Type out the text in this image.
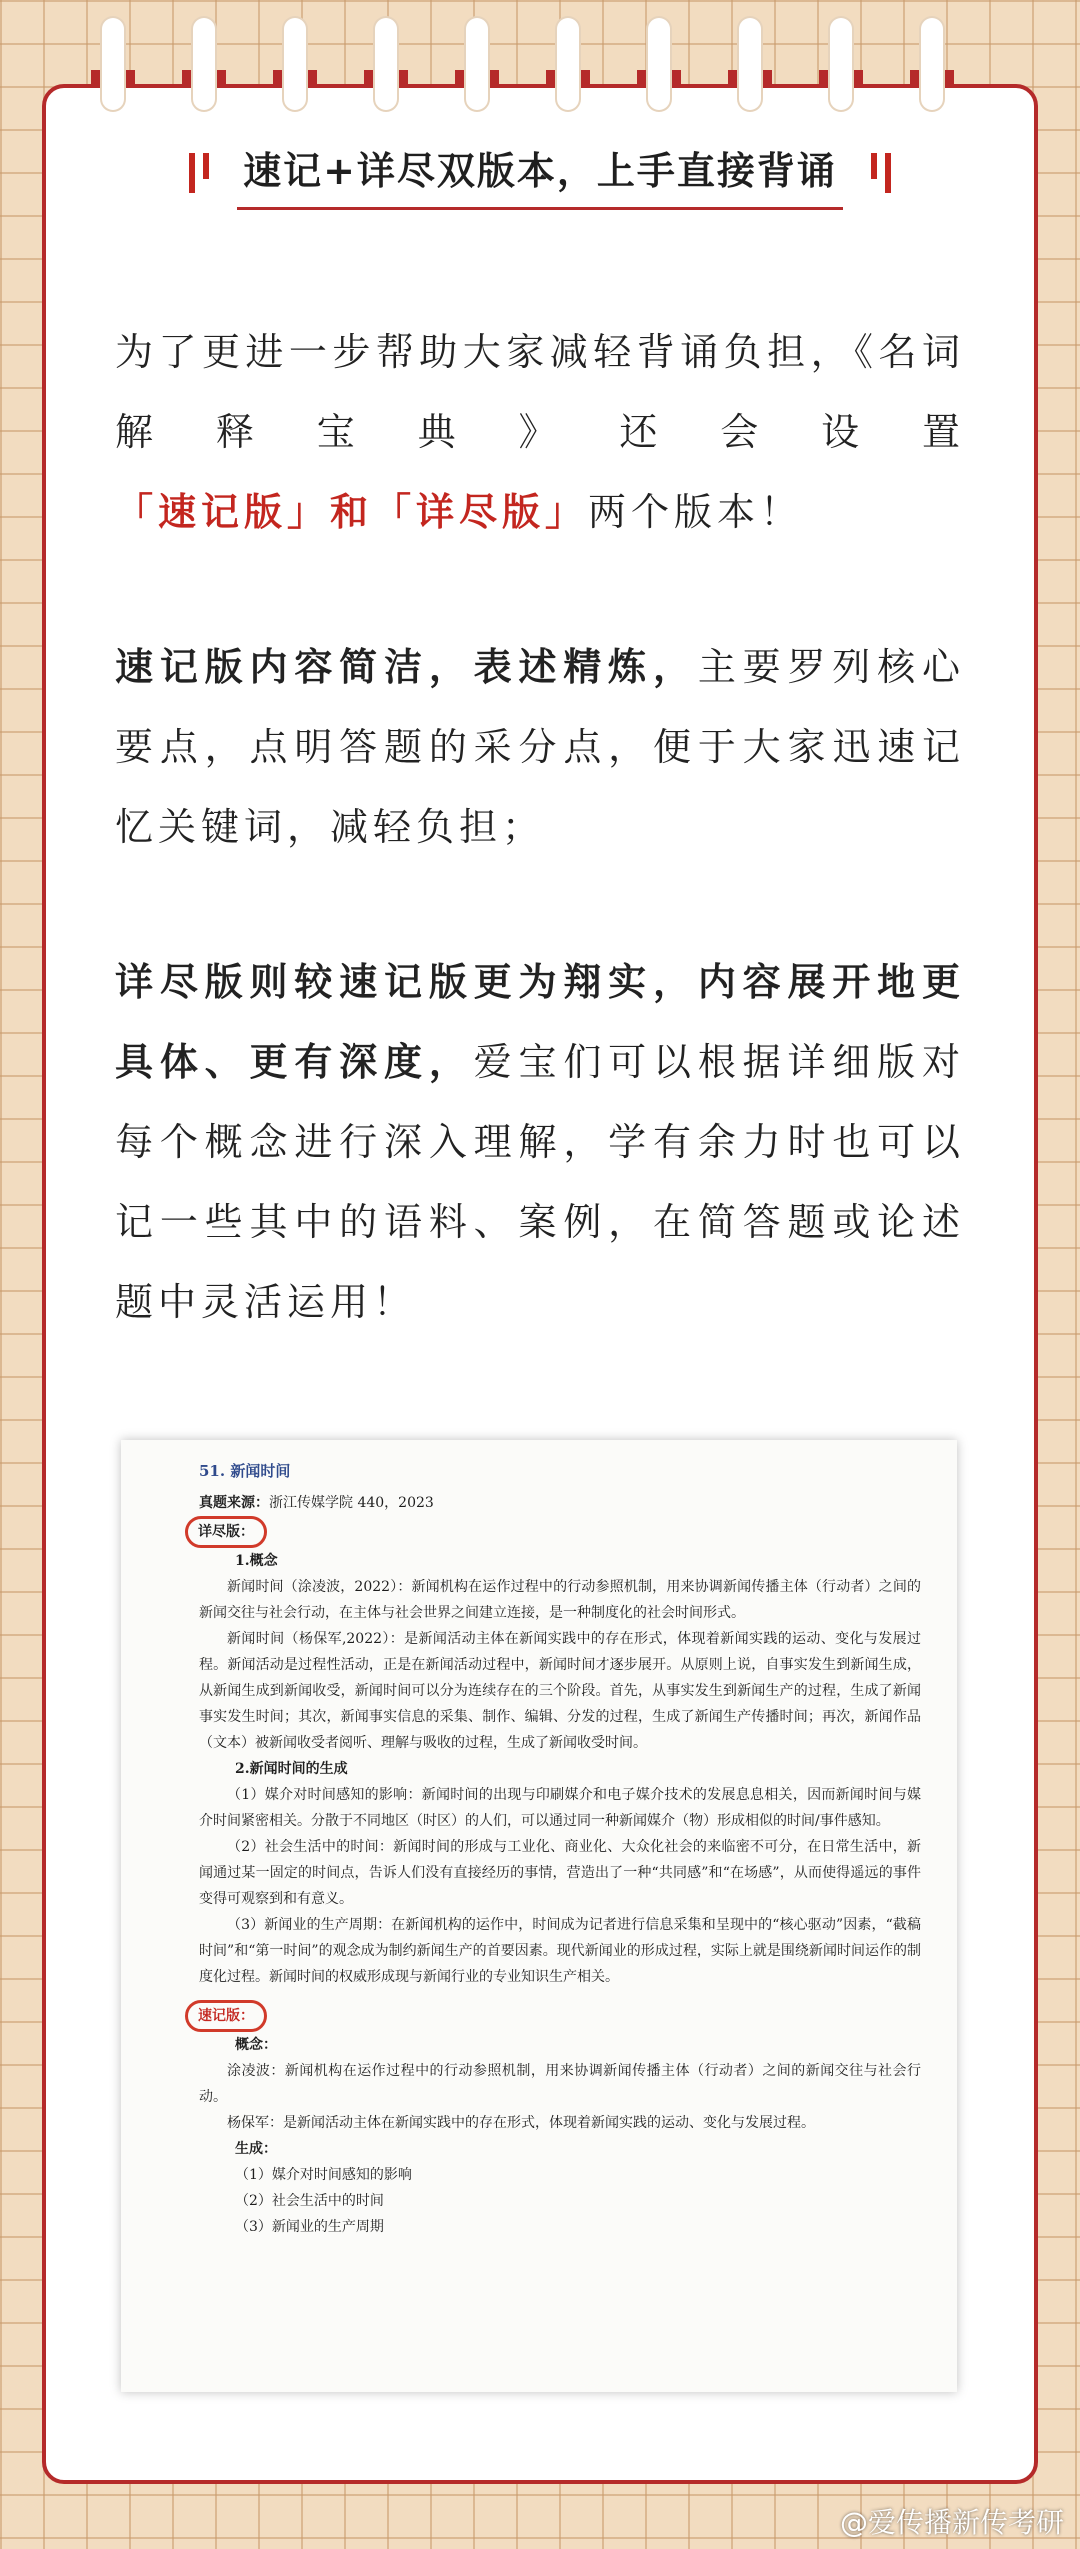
速记+详尽双版本，上手直接背诵

为了更进一步帮助大家减轻背诵负担，《名词解释宝典》还会设置「速记版」和「详尽版」两个版本！

速记版内容简洁，表述精炼，主要罗列核心要点，点明答题的采分点，便于大家迅速记忆关键词，减轻负担；

详尽版则较速记版更为翔实，内容展开地更具体、更有深度，爱宝们可以根据详细版对每个概念进行深入理解，学有余力时也可以记一些其中的语料、案例，在简答题或论述题中灵活运用！

51. 新闻时间

真题来源：浙江传媒学院 440，2023

详尽版：

1.概念

新闻时间（涂凌波，2022）：新闻机构在运作过程中的行动参照机制，用来协调新闻传播主体（行动者）之间的新闻交往与社会行动，在主体与社会世界之间建立连接，是一种制度化的社会时间形式。

新闻时间（杨保军,2022）：是新闻活动主体在新闻实践中的存在形式，体现着新闻实践的运动、变化与发展过程。新闻活动是过程性活动，正是在新闻活动过程中，新闻时间才逐步展开。从原则上说，自事实发生到新闻生成，从新闻生成到新闻收受，新闻时间可以分为连续存在的三个阶段。首先，从事实发生到新闻生产的过程，生成了新闻事实发生时间；其次，新闻事实信息的采集、制作、编辑、分发的过程，生成了新闻生产传播时间；再次，新闻作品（文本）被新闻收受者阅听、理解与吸收的过程，生成了新闻收受时间。

2.新闻时间的生成

（1）媒介对时间感知的影响：新闻时间的出现与印刷媒介和电子媒介技术的发展息息相关，因而新闻时间与媒介时间紧密相关。分散于不同地区（时区）的人们，可以通过同一种新闻媒介（物）形成相似的时间/事件感知。

（2）社会生活中的时间：新闻时间的形成与工业化、商业化、大众化社会的来临密不可分，在日常生活中，新闻通过某一固定的时间点，告诉人们没有直接经历的事情，营造出了一种“共同感”和“在场感”，从而使得遥远的事件变得可观察到和有意义。

（3）新闻业的生产周期：在新闻机构的运作中，时间成为记者进行信息采集和呈现中的“核心驱动”因素，“截稿时间”和“第一时间”的观念成为制约新闻生产的首要因素。现代新闻业的形成过程，实际上就是围绕新闻时间运作的制度化过程。新闻时间的权威形成现与新闻行业的专业知识生产相关。

速记版：

概念：

涂凌波：新闻机构在运作过程中的行动参照机制，用来协调新闻传播主体（行动者）之间的新闻交往与社会行动。

杨保军：是新闻活动主体在新闻实践中的存在形式，体现着新闻实践的运动、变化与发展过程。

生成：

（1）媒介对时间感知的影响

（2）社会生活中的时间

（3）新闻业的生产周期

@爱传播新传考研
